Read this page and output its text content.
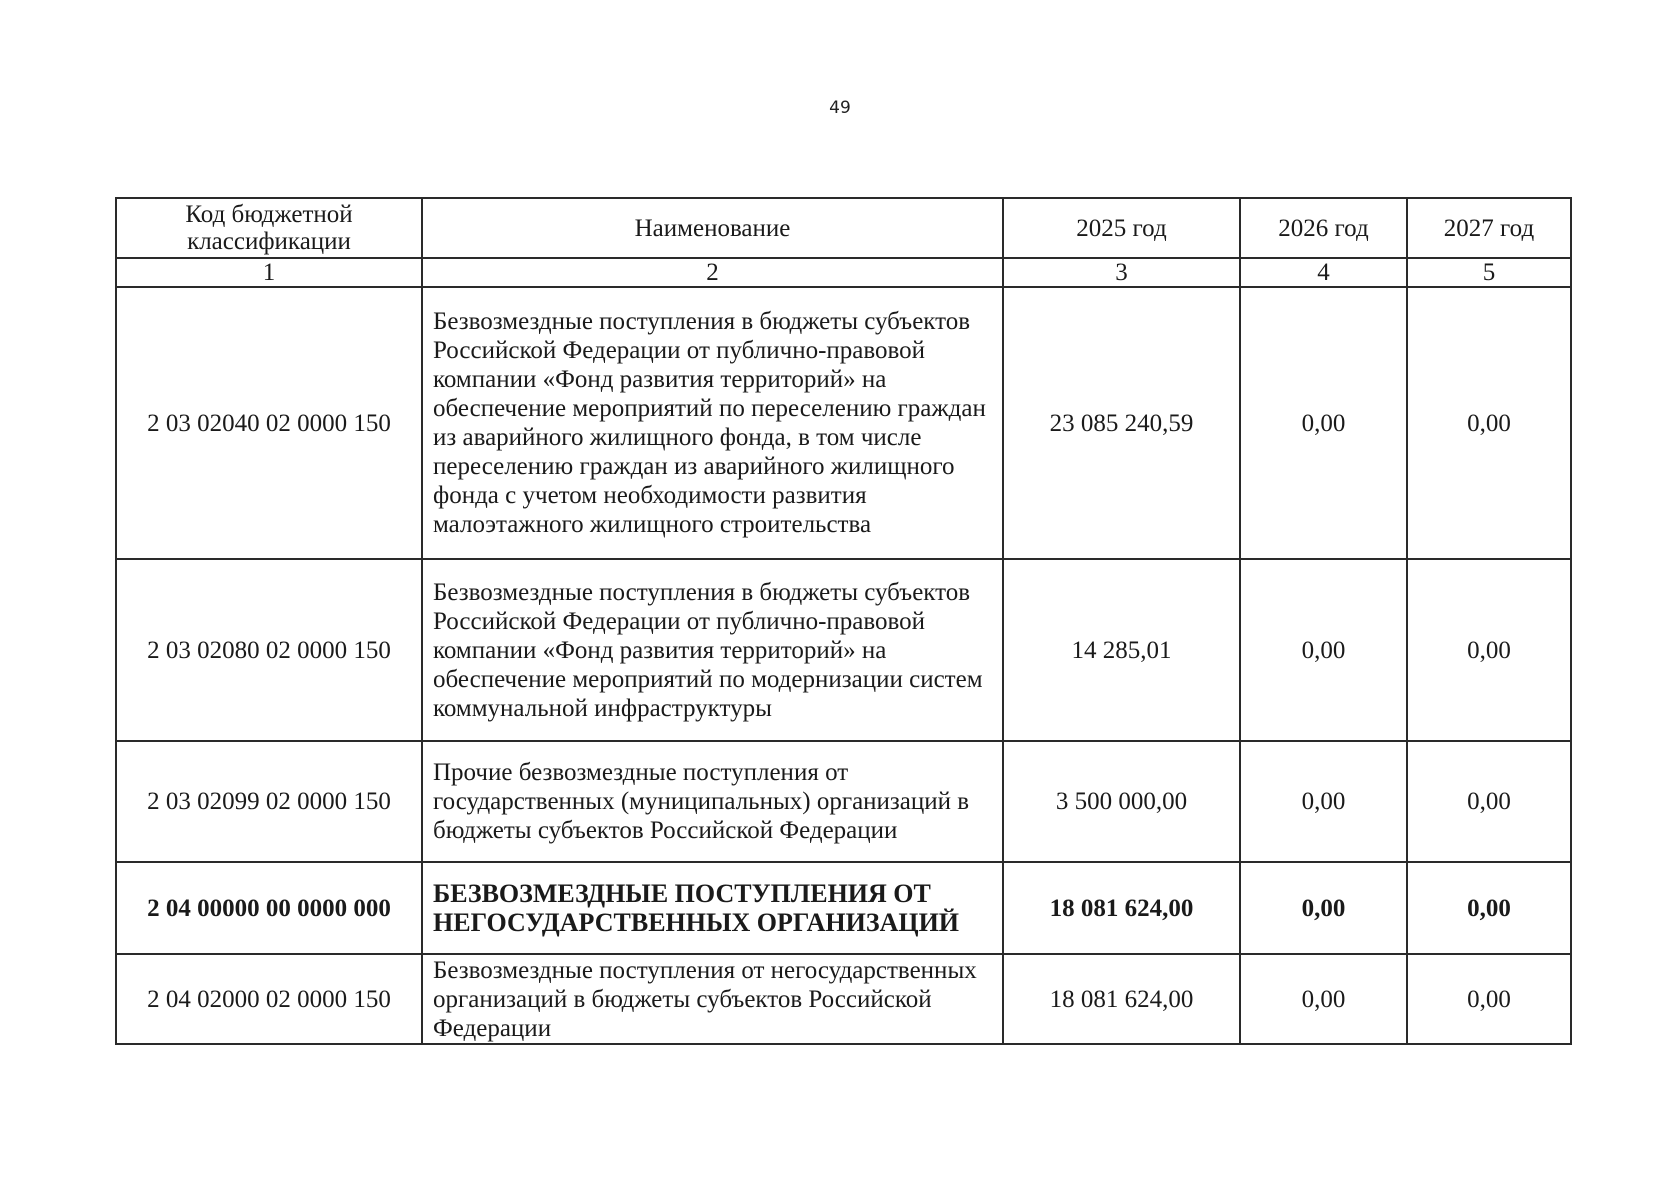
49
Код бюджетной классификации	Наименование	2025 год	2026 год	2027 год
1	2	3	4	5
2 03 02040 02 0000 150	Безвозмездные поступления в бюджеты субъектов Российской Федерации от публично-правовой компании «Фонд развития территорий» на обеспечение мероприятий по переселению граждан из аварийного жилищного фонда, в том числе переселению граждан из аварийного жилищного фонда с учетом необходимости развития малоэтажного жилищного строительства	23 085 240,59	0,00	0,00
2 03 02080 02 0000 150	Безвозмездные поступления в бюджеты субъектов Российской Федерации от публично-правовой компании «Фонд развития территорий» на обеспечение мероприятий по модернизации систем коммунальной инфраструктуры	14 285,01	0,00	0,00
2 03 02099 02 0000 150	Прочие безвозмездные поступления от государственных (муниципальных) организаций в бюджеты субъектов Российской Федерации	3 500 000,00	0,00	0,00
2 04 00000 00 0000 000	БЕЗВОЗМЕЗДНЫЕ ПОСТУПЛЕНИЯ ОТ НЕГОСУДАРСТВЕННЫХ ОРГАНИЗАЦИЙ	18 081 624,00	0,00	0,00
2 04 02000 02 0000 150	Безвозмездные поступления от негосударственных организаций в бюджеты субъектов Российской Федерации	18 081 624,00	0,00	0,00
